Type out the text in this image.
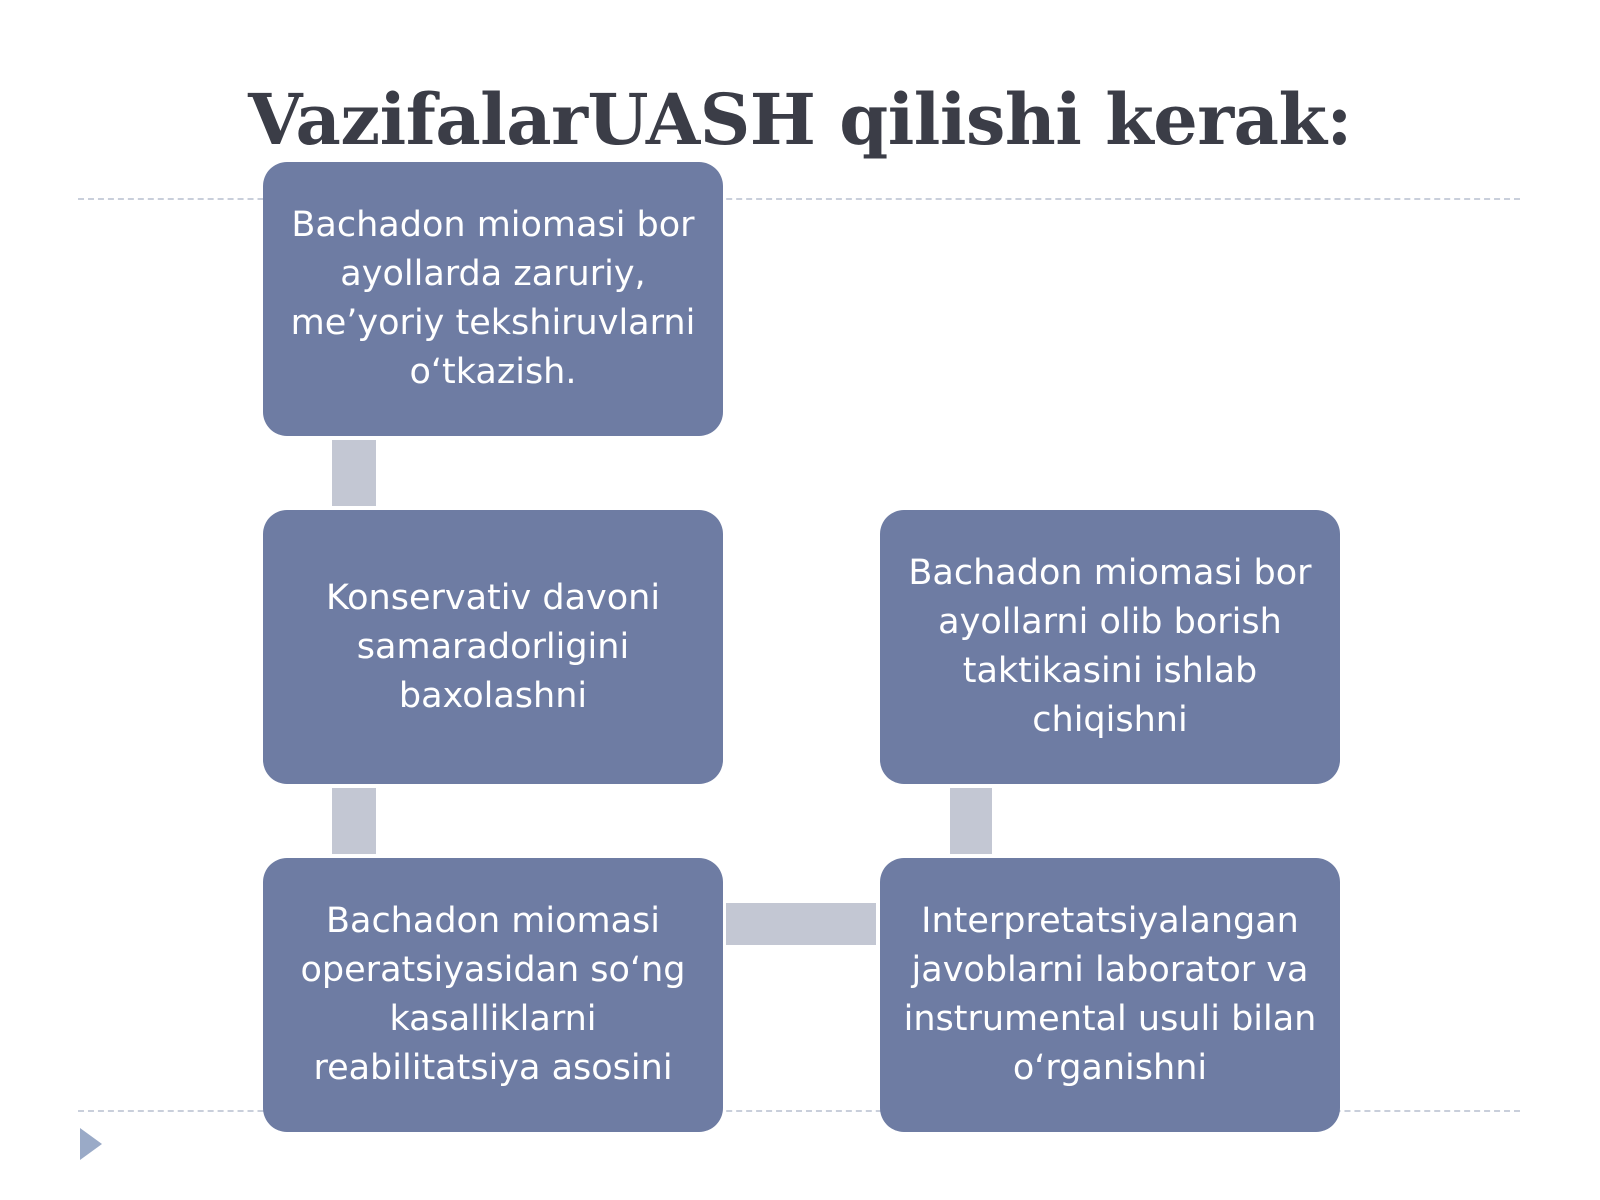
VazifalarUASH qilishi kerak:
Bachadon miomasi bor ayollarda zaruriy, me’yoriy tekshiruvlarni o‘tkazish.
Konservativ davoni samaradorligini baxolashni
Bachadon miomasi operatsiyasidan so‘ng kasalliklarni reabilitatsiya asosini
Interpretatsiyalangan javoblarni laborator va instrumental usuli bilan o‘rganishni
Bachadon miomasi bor ayollarni olib borish taktikasini ishlab chiqishni
